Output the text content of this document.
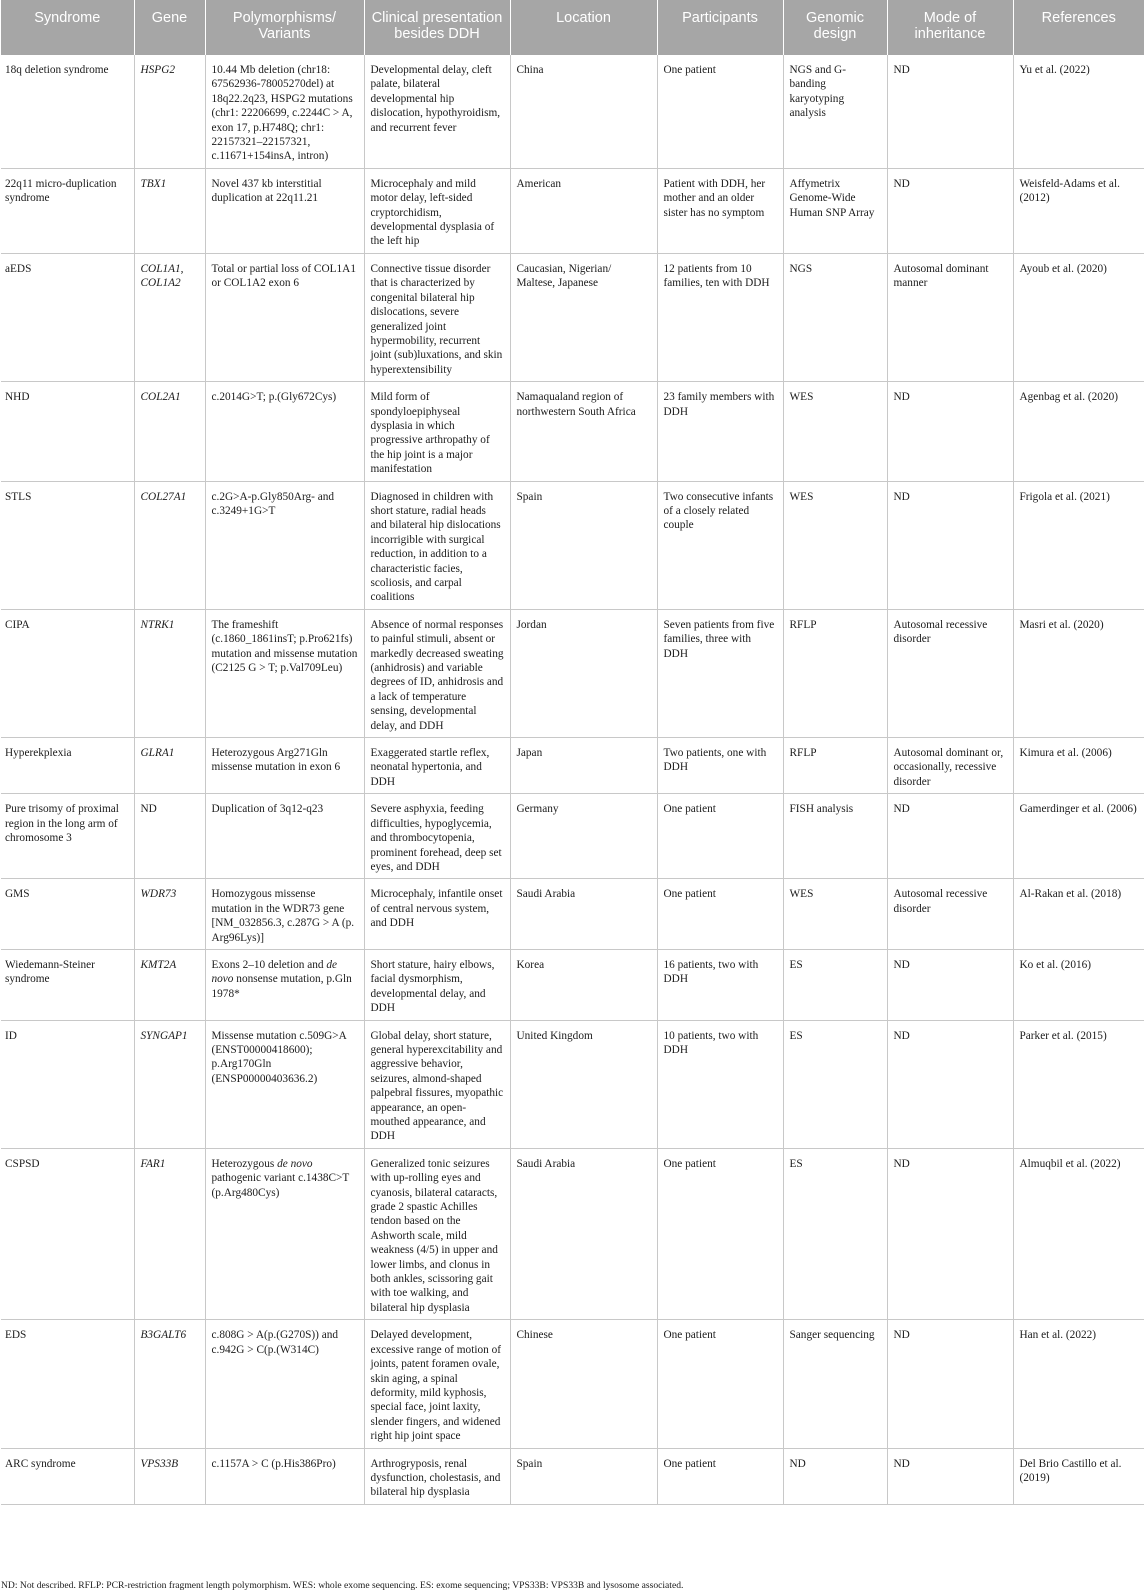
Syndrome	Gene	Polymorphisms/ Variants	Clinical presentation besides DDH	Location	Participants	Genomic design	Mode of inheritance	References
18q deletion syndrome	HSPG2	10.44 Mb deletion (chr18: 67562936-78005270del) at 18q22.2q23, HSPG2 mutations (chr1: 22206699, c.2244C > A, exon 17, p.H748Q; chr1: 22157321–22157321, c.11671+154insA, intron)	Developmental delay, cleft palate, bilateral developmental hip dislocation, hypothyroidism, and recurrent fever	China	One patient	NGS and G-banding karyotyping analysis	ND	Yu et al. (2022)
22q11 micro-duplication syndrome	TBX1	Novel 437 kb interstitial duplication at 22q11.21	Microcephaly and mild motor delay, left-sided cryptorchidism, developmental dysplasia of the left hip	American	Patient with DDH, her mother and an older sister has no symptom	Affymetrix Genome-Wide Human SNP Array	ND	Weisfeld-Adams et al. (2012)
aEDS	COL1A1, COL1A2	Total or partial loss of COL1A1 or COL1A2 exon 6	Connective tissue disorder that is characterized by congenital bilateral hip dislocations, severe generalized joint hypermobility, recurrent joint (sub)luxations, and skin hyperextensibility	Caucasian, Nigerian/ Maltese, Japanese	12 patients from 10 families, ten with DDH	NGS	Autosomal dominant manner	Ayoub et al. (2020)
NHD	COL2A1	c.2014G>T; p.(Gly672Cys)	Mild form of spondyloepiphyseal dysplasia in which progressive arthropathy of the hip joint is a major manifestation	Namaqualand region of northwestern South Africa	23 family members with DDH	WES	ND	Agenbag et al. (2020)
STLS	COL27A1	c.2G>A-p.Gly850Arg- and c.3249+1G>T	Diagnosed in children with short stature, radial heads and bilateral hip dislocations incorrigible with surgical reduction, in addition to a characteristic facies, scoliosis, and carpal coalitions	Spain	Two consecutive infants of a closely related couple	WES	ND	Frigola et al. (2021)
CIPA	NTRK1	The frameshift (c.1860_1861insT; p.Pro621fs) mutation and missense mutation (C2125 G > T; p.Val709Leu)	Absence of normal responses to painful stimuli, absent or markedly decreased sweating (anhidrosis) and variable degrees of ID, anhidrosis and a lack of temperature sensing, developmental delay, and DDH	Jordan	Seven patients from five families, three with DDH	RFLP	Autosomal recessive disorder	Masri et al. (2020)
Hyperekplexia	GLRA1	Heterozygous Arg271Gln missense mutation in exon 6	Exaggerated startle reflex, neonatal hypertonia, and DDH	Japan	Two patients, one with DDH	RFLP	Autosomal dominant or, occasionally, recessive disorder	Kimura et al. (2006)
Pure trisomy of proximal region in the long arm of chromosome 3	ND	Duplication of 3q12-q23	Severe asphyxia, feeding difficulties, hypoglycemia, and thrombocytopenia, prominent forehead, deep set eyes, and DDH	Germany	One patient	FISH analysis	ND	Gamerdinger et al. (2006)
GMS	WDR73	Homozygous missense mutation in the WDR73 gene [NM_032856.3, c.287G > A (p. Arg96Lys)]	Microcephaly, infantile onset of central nervous system, and DDH	Saudi Arabia	One patient	WES	Autosomal recessive disorder	Al-Rakan et al. (2018)
Wiedemann-Steiner syndrome	KMT2A	Exons 2–10 deletion and de novo nonsense mutation, p.Gln 1978*	Short stature, hairy elbows, facial dysmorphism, developmental delay, and DDH	Korea	16 patients, two with DDH	ES	ND	Ko et al. (2016)
ID	SYNGAP1	Missense mutation c.509G>A (ENST00000418600); p.Arg170Gln (ENSP00000403636.2)	Global delay, short stature, general hyperexcitability and aggressive behavior, seizures, almond-shaped palpebral fissures, myopathic appearance, an open-mouthed appearance, and DDH	United Kingdom	10 patients, two with DDH	ES	ND	Parker et al. (2015)
CSPSD	FAR1	Heterozygous de novo pathogenic variant c.1438C>T (p.Arg480Cys)	Generalized tonic seizures with up-rolling eyes and cyanosis, bilateral cataracts, grade 2 spastic Achilles tendon based on the Ashworth scale, mild weakness (4/5) in upper and lower limbs, and clonus in both ankles, scissoring gait with toe walking, and bilateral hip dysplasia	Saudi Arabia	One patient	ES	ND	Almuqbil et al. (2022)
EDS	B3GALT6	c.808G > A(p.(G270S)) and c.942G > C(p.(W314C)	Delayed development, excessive range of motion of joints, patent foramen ovale, skin aging, a spinal deformity, mild kyphosis, special face, joint laxity, slender fingers, and widened right hip joint space	Chinese	One patient	Sanger sequencing	ND	Han et al. (2022)
ARC syndrome	VPS33B	c.1157A > C (p.His386Pro)	Arthrogryposis, renal dysfunction, cholestasis, and bilateral hip dysplasia	Spain	One patient	ND	ND	Del Brio Castillo et al. (2019)
ND: Not described. RFLP: PCR-restriction fragment length polymorphism. WES: whole exome sequencing. ES: exome sequencing; VPS33B: VPS33B and lysosome associated.
